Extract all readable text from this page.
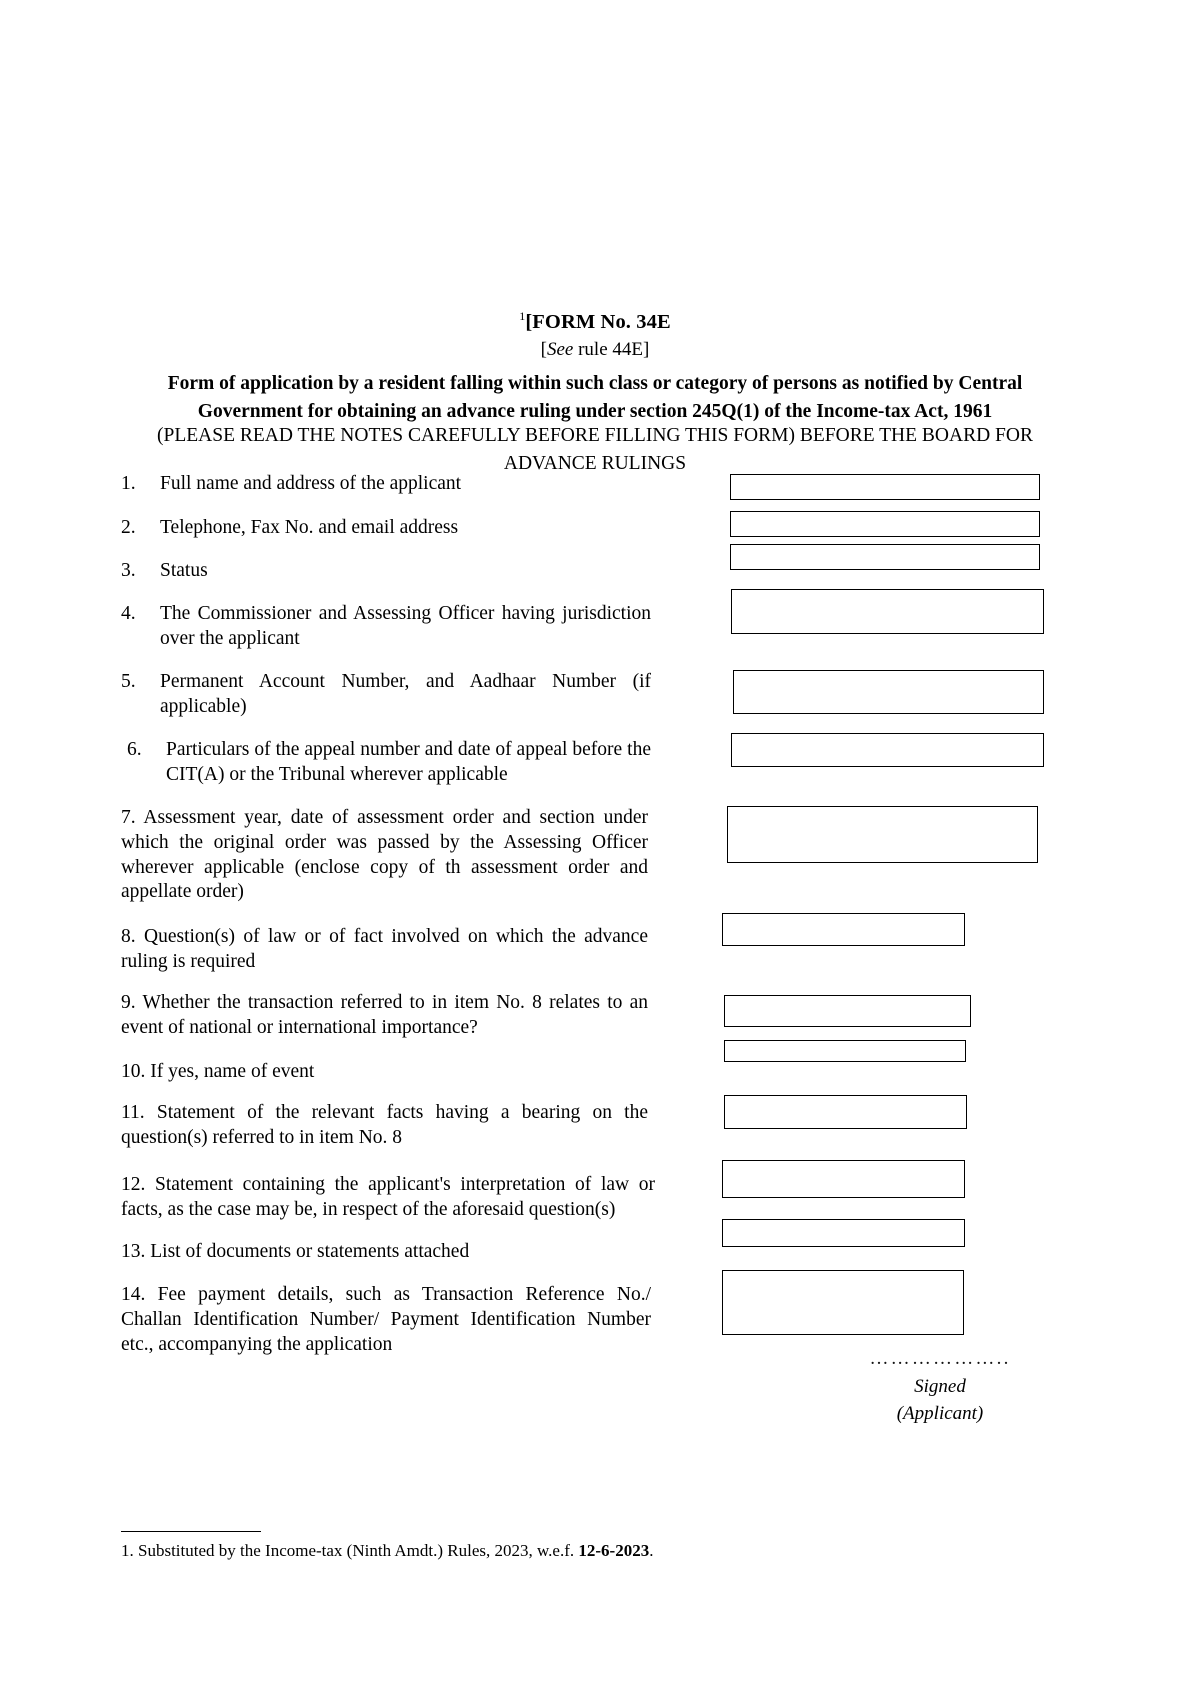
$^1$[FORM No. 34E
[See rule 44E]
Form of application by a resident falling within such class or category of persons as notified by Central Government for obtaining an advance ruling under section 245Q(1) of the Income-tax Act, 1961
(PLEASE READ THE NOTES CAREFULLY BEFORE FILLING THIS FORM) BEFORE THE BOARD FOR ADVANCE RULINGS
1.	Full name and address of the applicant
2.	Telephone, Fax No. and email address
3.	Status
4.	The Commissioner and Assessing Officer having jurisdiction over the applicant
5.	Permanent Account Number, and Aadhaar Number (if applicable)
6.	Particulars of the appeal number and date of appeal before the CIT(A) or the Tribunal wherever applicable
7. Assessment year, date of assessment order and section under which the original order was passed by the Assessing Officer wherever applicable (enclose copy of th assessment order and appellate order)
8. Question(s) of law or of fact involved on which the advance ruling is required
9. Whether the transaction referred to in item No. 8 relates to an event of national or international importance?
10. If yes, name of event
11. Statement of the relevant facts having a bearing on the question(s) referred to in item No. 8
12. Statement containing the applicant's interpretation of law or facts, as the case may be, in respect of the aforesaid question(s)
13. List of documents or statements attached
14. Fee payment details, such as Transaction Reference No./ Challan Identification Number/ Payment Identification Number etc., accompanying the application
………………..
Signed
(Applicant)
1. Substituted by the Income-tax (Ninth Amdt.) Rules, 2023, w.e.f. 12-6-2023.
